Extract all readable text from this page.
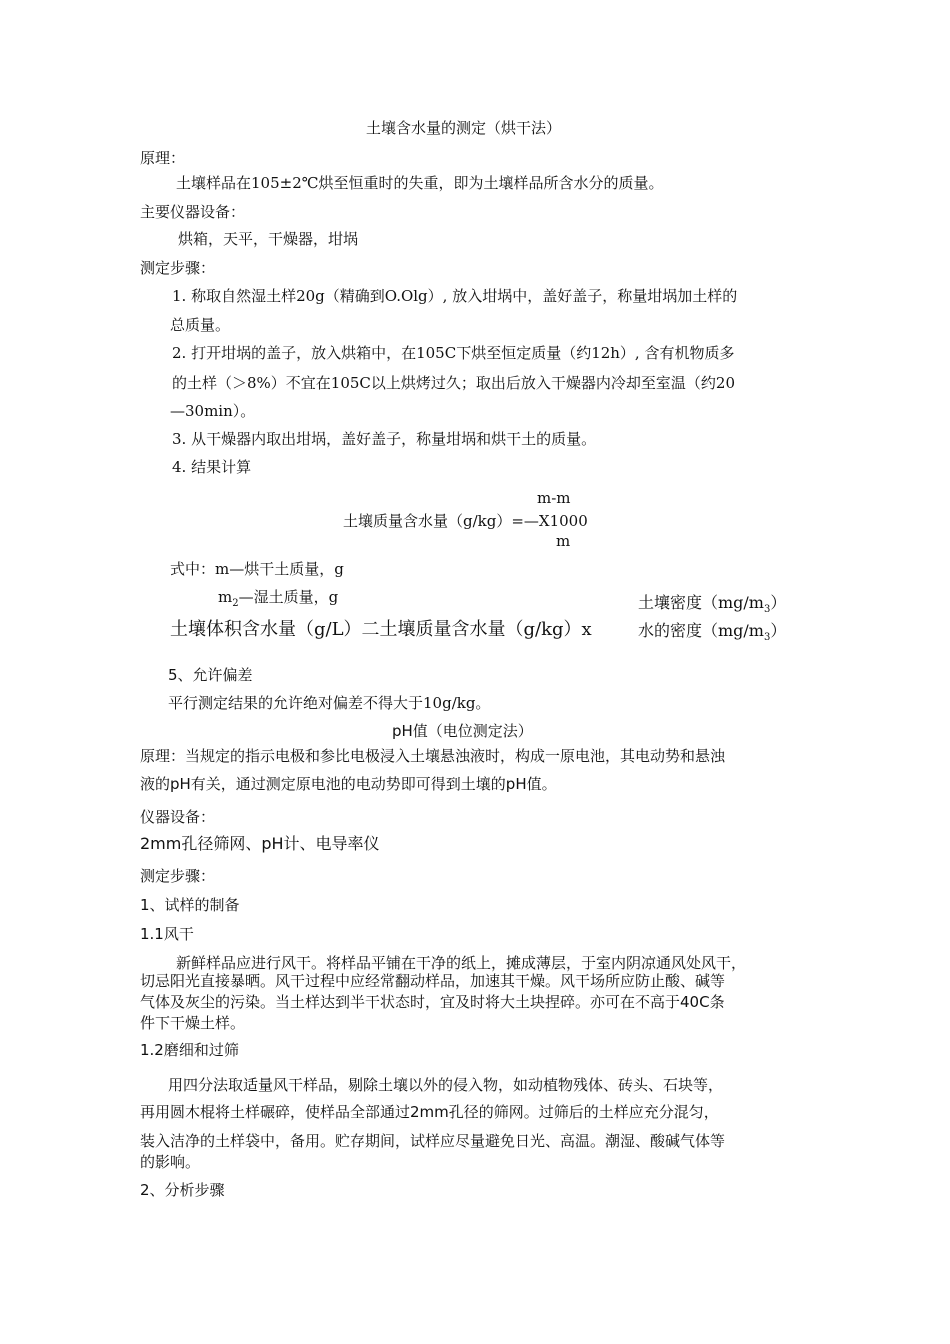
土壤含水量的测定（烘干法）
原理：
土壤样品在105±2℃烘至恒重时的失重，即为土壤样品所含水分的质量。
主要仪器设备：
烘箱，天平，干燥器，坩埚
测定步骤：
1. 称取自然湿土样20g（精确到O.Olg）, 放入坩埚中，盖好盖子，称量坩埚加土样的
总质量。
2. 打开坩埚的盖子，放入烘箱中，在105C下烘至恒定质量（约12h）, 含有机物质多
的土样（＞8%）不宜在105C以上烘烤过久；取出后放入干燥器内冷却至室温（约20
—30min）。
3. 从干燥器内取出坩埚，盖好盖子，称量坩埚和烘干土的质量。
4. 结果计算
m-m
土壤质量含水量（g/kg）=—X1000
m
式中：m—烘干土质量，g
$m_2—$湿土质量，g
土壤体积含水量（g/L）二土壤质量含水量（g/kg）x
土壤密度$(mg/m_3)$
水的密度$(mg/m_3)$
5、允许偏差
平行测定结果的允许绝对偏差不得大于10g/kg。
pH值（电位测定法）
原理：当规定的指示电极和参比电极浸入土壤悬浊液时，构成一原电池，其电动势和悬浊
液的pH有关，通过测定原电池的电动势即可得到土壤的pH值。
仪器设备：
2mm孔径筛网、pH计、电导率仪
测定步骤：
1、试样的制备
1.1风干
新鲜样品应进行风干。将样品平铺在干净的纸上，摊成薄层，于室内阴凉通风处风干，
切忌阳光直接暴晒。风干过程中应经常翻动样品，加速其干燥。风干场所应防止酸、碱等
气体及灰尘的污染。当土样达到半干状态时，宜及时将大土块捏碎。亦可在不高于40C条
件下干燥土样。
1.2磨细和过筛
用四分法取适量风干样品，剔除土壤以外的侵入物，如动植物残体、砖头、石块等，
再用圆木棍将土样碾碎，使样品全部通过2mm孔径的筛网。过筛后的土样应充分混匀，
装入洁净的土样袋中，备用。贮存期间，试样应尽量避免日光、高温。潮湿、酸碱气体等
的影响。
2、分析步骤
